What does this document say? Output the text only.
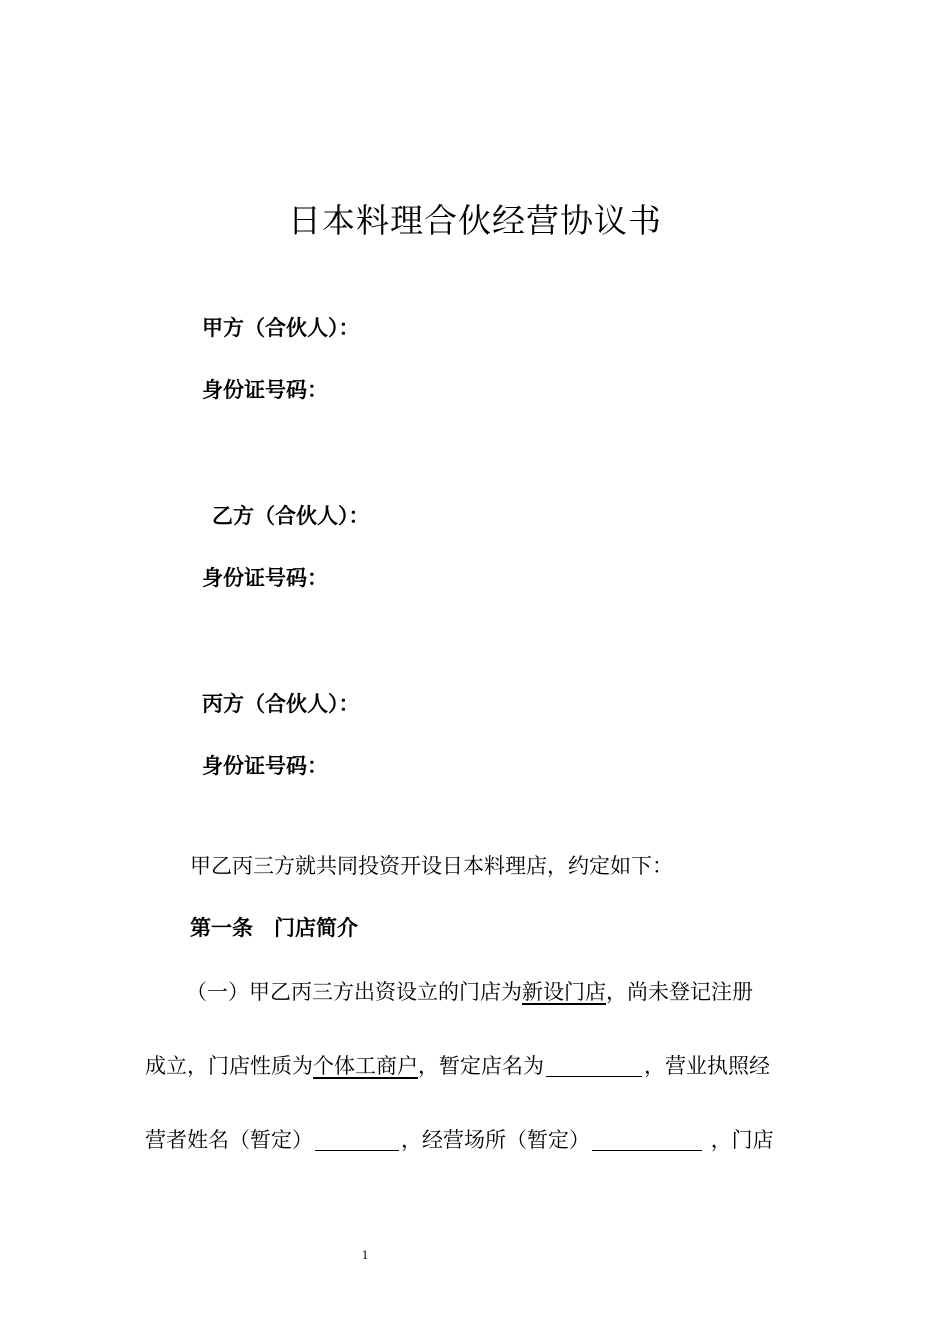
日本料理合伙经营协议书
甲方（合伙人）：
身份证号码：
乙方（合伙人）：
身份证号码：
丙方（合伙人）：
身份证号码：
甲乙丙三方就共同投资开设日本料理店，约定如下：
第一条　门店简介
（一）甲乙丙三方出资设立的门店为新设门店，尚未登记注册
成立，门店性质为个体工商户，暂定店名为	，营业执照经
营者姓名（暂定）	，经营场所（暂定）	，门店
1
